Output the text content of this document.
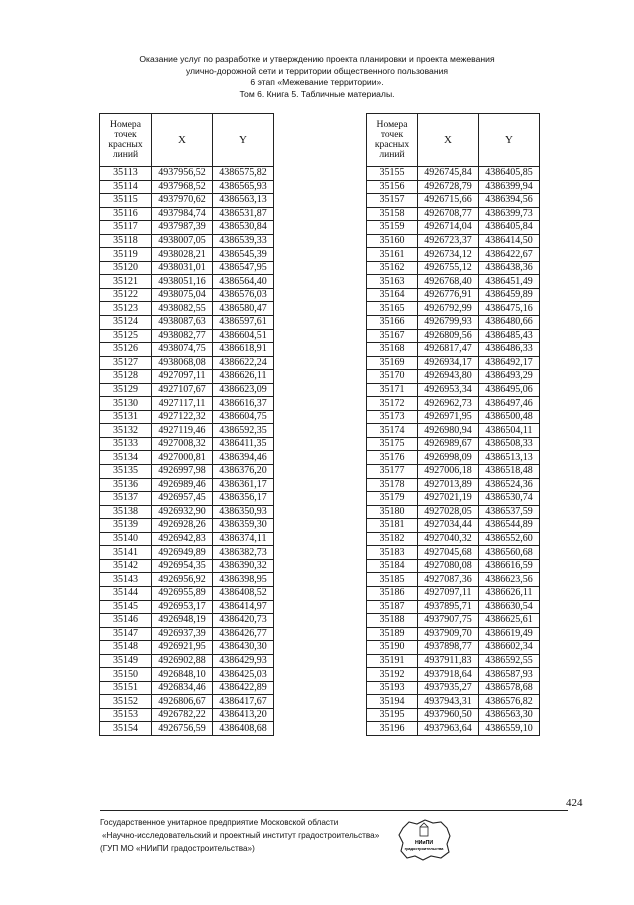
Оказание услуг по разработке и утверждению проекта планировки и проекта межевания
улично-дорожной сети и территории общественного пользования
6 этап «Межевание территории».
Том 6. Книга 5. Табличные материалы.
Номера
точек
красных
линий	X	Y
35113	4937956,52	4386575,82
35114	4937968,52	4386565,93
35115	4937970,62	4386563,13
35116	4937984,74	4386531,87
35117	4937987,39	4386530,84
35118	4938007,05	4386539,33
35119	4938028,21	4386545,39
35120	4938031,01	4386547,95
35121	4938051,16	4386564,40
35122	4938075,04	4386576,03
35123	4938082,55	4386580,47
35124	4938087,63	4386597,61
35125	4938082,77	4386604,51
35126	4938074,75	4386618,91
35127	4938068,08	4386622,24
35128	4927097,11	4386626,11
35129	4927107,67	4386623,09
35130	4927117,11	4386616,37
35131	4927122,32	4386604,75
35132	4927119,46	4386592,35
35133	4927008,32	4386411,35
35134	4927000,81	4386394,46
35135	4926997,98	4386376,20
35136	4926989,46	4386361,17
35137	4926957,45	4386356,17
35138	4926932,90	4386350,93
35139	4926928,26	4386359,30
35140	4926942,83	4386374,11
35141	4926949,89	4386382,73
35142	4926954,35	4386390,32
35143	4926956,92	4386398,95
35144	4926955,89	4386408,52
35145	4926953,17	4386414,97
35146	4926948,19	4386420,73
35147	4926937,39	4386426,77
35148	4926921,95	4386430,30
35149	4926902,88	4386429,93
35150	4926848,10	4386425,03
35151	4926834,46	4386422,89
35152	4926806,67	4386417,67
35153	4926782,22	4386413,20
35154	4926756,59	4386408,68
Номера
точек
красных
линий	X	Y
35155	4926745,84	4386405,85
35156	4926728,79	4386399,94
35157	4926715,66	4386394,56
35158	4926708,77	4386399,73
35159	4926714,04	4386405,84
35160	4926723,37	4386414,50
35161	4926734,12	4386422,67
35162	4926755,12	4386438,36
35163	4926768,40	4386451,49
35164	4926776,91	4386459,89
35165	4926792,99	4386475,16
35166	4926799,93	4386480,66
35167	4926809,56	4386485,43
35168	4926817,47	4386486,33
35169	4926934,17	4386492,17
35170	4926943,80	4386493,29
35171	4926953,34	4386495,06
35172	4926962,73	4386497,46
35173	4926971,95	4386500,48
35174	4926980,94	4386504,11
35175	4926989,67	4386508,33
35176	4926998,09	4386513,13
35177	4927006,18	4386518,48
35178	4927013,89	4386524,36
35179	4927021,19	4386530,74
35180	4927028,05	4386537,59
35181	4927034,44	4386544,89
35182	4927040,32	4386552,60
35183	4927045,68	4386560,68
35184	4927080,08	4386616,59
35185	4927087,36	4386623,56
35186	4927097,11	4386626,11
35187	4937895,71	4386630,54
35188	4937907,75	4386625,61
35189	4937909,70	4386619,49
35190	4937898,77	4386602,34
35191	4937911,83	4386592,55
35192	4937918,64	4386587,93
35193	4937935,27	4386578,68
35194	4937943,31	4386576,82
35195	4937960,50	4386563,30
35196	4937963,64	4386559,10
424
Государственное унитарное предприятие Московской области
«Научно-исследовательский и проектный институт градостроительства»
(ГУП МО «НИиПИ градостроительства»)
НИиПИ
градостроительства
